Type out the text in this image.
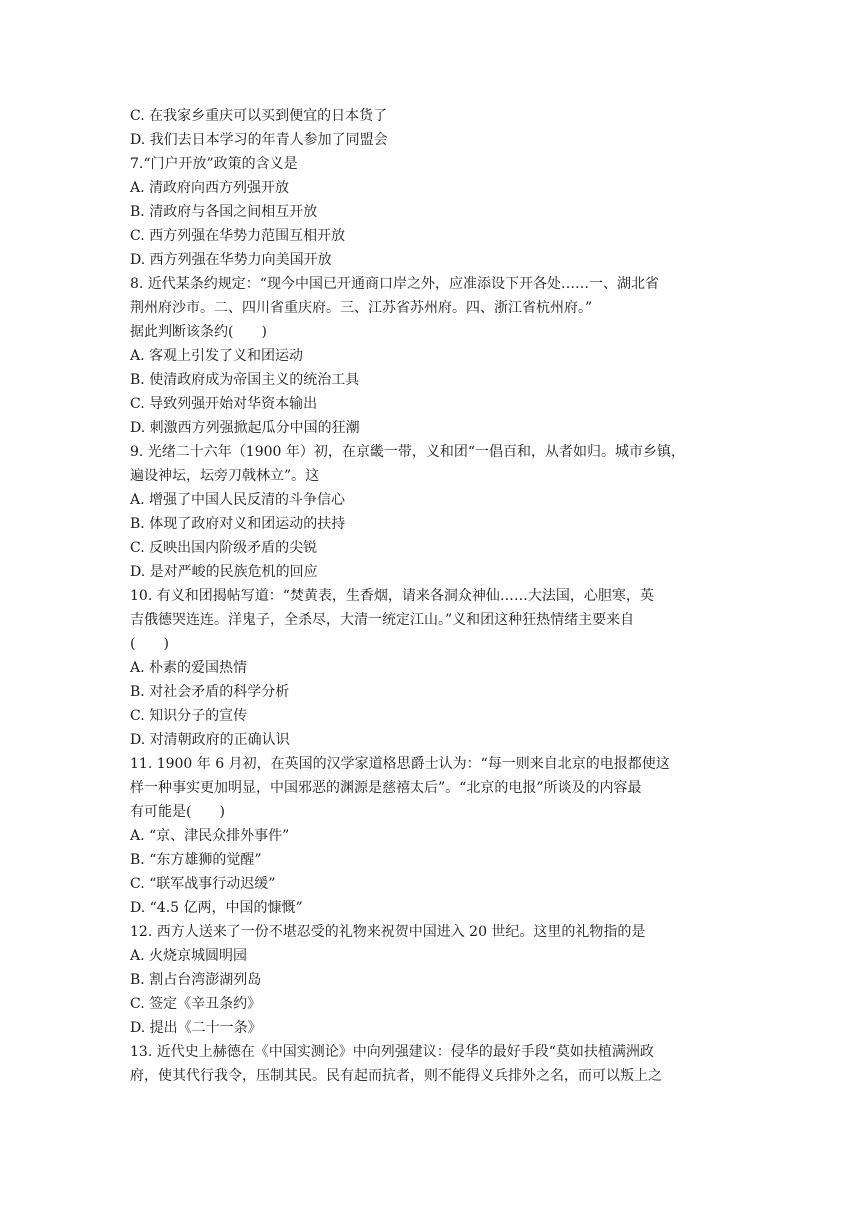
C. 在我家乡重庆可以买到便宜的日本货了
D. 我们去日本学习的年青人参加了同盟会
7.“门户开放”政策的含义是
A. 清政府向西方列强开放
B. 清政府与各国之间相互开放
C. 西方列强在华势力范围互相开放
D. 西方列强在华势力向美国开放
8. 近代某条约规定：“现今中国已开通商口岸之外，应准添设下开各处……一、湖北省
荆州府沙市。二、四川省重庆府。三、江苏省苏州府。四、浙江省杭州府。”
据此判断该条约(　　)
A. 客观上引发了义和团运动
B. 使清政府成为帝国主义的统治工具
C. 导致列强开始对华资本输出
D. 刺激西方列强掀起瓜分中国的狂潮
9. 光绪二十六年（1900 年）初，在京畿一带，义和团“一倡百和，从者如归。城市乡镇，
遍设神坛，坛旁刀戟林立”。这
A. 增强了中国人民反清的斗争信心
B. 体现了政府对义和团运动的扶持
C. 反映出国内阶级矛盾的尖锐
D. 是对严峻的民族危机的回应
10. 有义和团揭帖写道：“焚黄表，生香烟，请来各洞众神仙……大法国，心胆寒，英
吉俄德哭连连。洋鬼子，全杀尽，大清一统定江山。”义和团这种狂热情绪主要来自
(　　)
A. 朴素的爱国热情
B. 对社会矛盾的科学分析
C. 知识分子的宣传
D. 对清朝政府的正确认识
11. 1900 年 6 月初，在英国的汉学家道格思爵士认为：“每一则来自北京的电报都使这
样一种事实更加明显，中国邪恶的渊源是慈禧太后”。“北京的电报”所谈及的内容最
有可能是(　　)
A. “京、津民众排外事件”
B. “东方雄狮的觉醒”
C. “联军战事行动迟缓”
D. “4.5 亿两，中国的慷慨”
12. 西方人送来了一份不堪忍受的礼物来祝贺中国进入 20 世纪。这里的礼物指的是
A. 火烧京城圆明园
B. 割占台湾澎湖列岛
C. 签定《辛丑条约》
D. 提出《二十一条》
13. 近代史上赫德在《中国实测论》中向列强建议：侵华的最好手段“莫如扶植满洲政
府，使其代行我令，压制其民。民有起而抗者，则不能得义兵排外之名，而可以叛上之
